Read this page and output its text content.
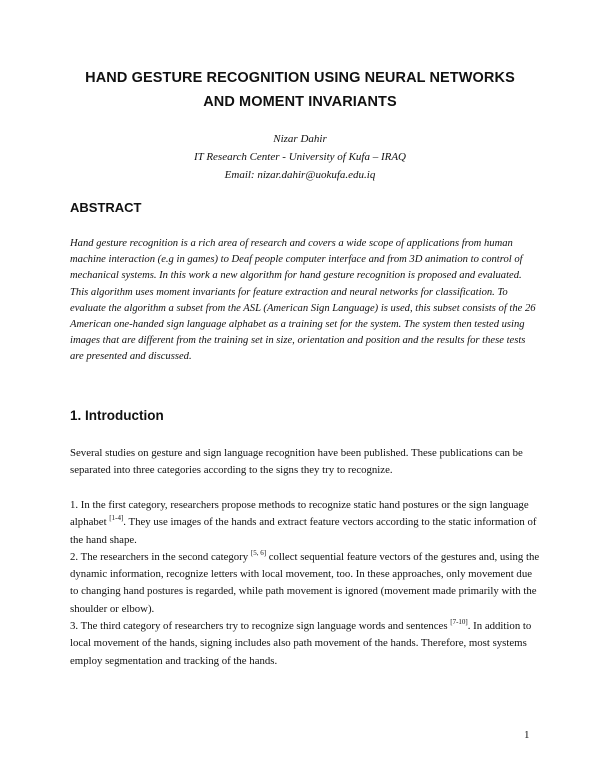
HAND GESTURE RECOGNITION USING NEURAL NETWORKS
AND MOMENT INVARIANTS
Nizar Dahir
IT Research Center - University of Kufa – IRAQ
Email: nizar.dahir@uokufa.edu.iq
ABSTRACT
Hand gesture recognition is a rich area of research and covers a wide scope of applications from human machine interaction (e.g in games) to Deaf people computer interface and from 3D animation to control of mechanical systems. In this work a new algorithm for hand gesture recognition is proposed and evaluated. This algorithm uses moment invariants for feature extraction and neural networks for classification. To evaluate the algorithm a subset from the ASL (American Sign Language) is used, this subset consists of the 26 American one-handed sign language alphabet as a training set for the system. The system then tested using images that are different from the training set in size, orientation and position and the results for these tests are presented and discussed.
1. Introduction
Several studies on gesture and sign language recognition have been published. These publications can be separated into three categories according to the signs they try to recognize.

1. In the first category, researchers propose methods to recognize static hand postures or the sign language alphabet [1-4]. They use images of the hands and extract feature vectors according to the static information of the hand shape.

2. The researchers in the second category [5, 6] collect sequential feature vectors of the gestures and, using the dynamic information, recognize letters with local movement, too. In these approaches, only movement due to changing hand postures is regarded, while path movement is ignored (movement made primarily with the shoulder or elbow).

3. The third category of researchers try to recognize sign language words and sentences [7-10]. In addition to local movement of the hands, signing includes also path movement of the hands. Therefore, most systems employ segmentation and tracking of the hands.

1
